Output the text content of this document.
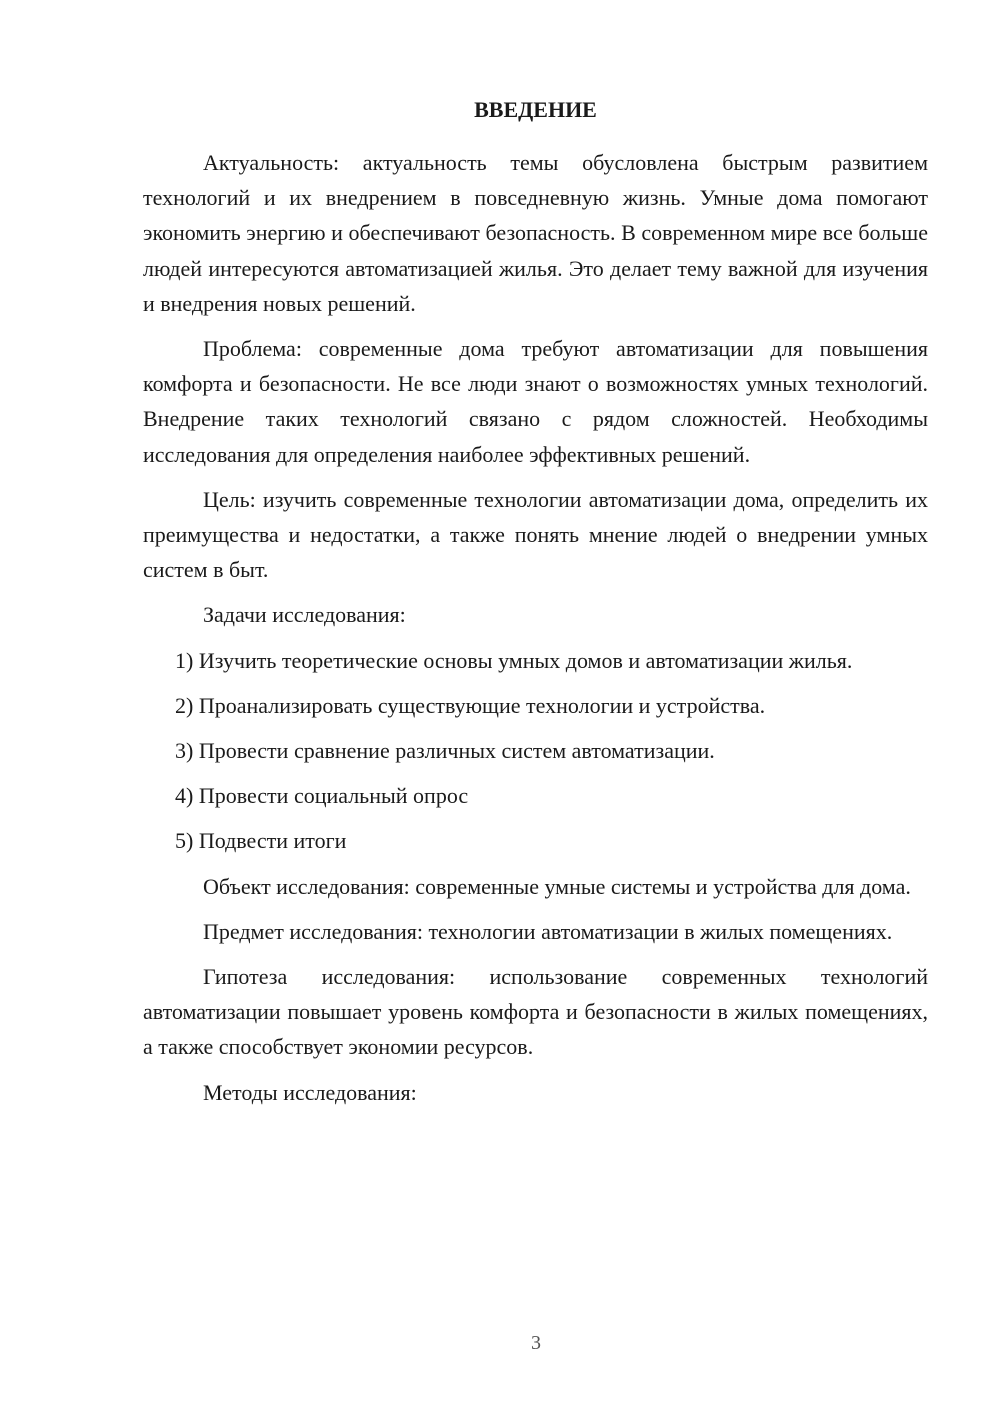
ВВЕДЕНИЕ

Актуальность: актуальность темы обусловлена быстрым развитием технологий и их внедрением в повседневную жизнь. Умные дома помогают экономить энергию и обеспечивают безопасность. В современном мире все больше людей интересуются автоматизацией жилья. Это делает тему важной для изучения и внедрения новых решений.

Проблема: современные дома требуют автоматизации для повышения комфорта и безопасности. Не все люди знают о возможностях умных технологий. Внедрение таких технологий связано с рядом сложностей. Необходимы исследования для определения наиболее эффективных решений.

Цель: изучить современные технологии автоматизации дома, определить их преимущества и недостатки, а также понять мнение людей о внедрении умных систем в быт.

Задачи исследования:

1) Изучить теоретические основы умных домов и автоматизации жилья.

2) Проанализировать существующие технологии и устройства.

3) Провести сравнение различных систем автоматизации.

4) Провести социальный опрос

5) Подвести итоги

Объект исследования: современные умные системы и устройства для дома.

Предмет исследования: технологии автоматизации в жилых помещениях.

Гипотеза исследования: использование современных технологий автоматизации повышает уровень комфорта и безопасности в жилых помещениях, а также способствует экономии ресурсов.

Методы исследования:

3
